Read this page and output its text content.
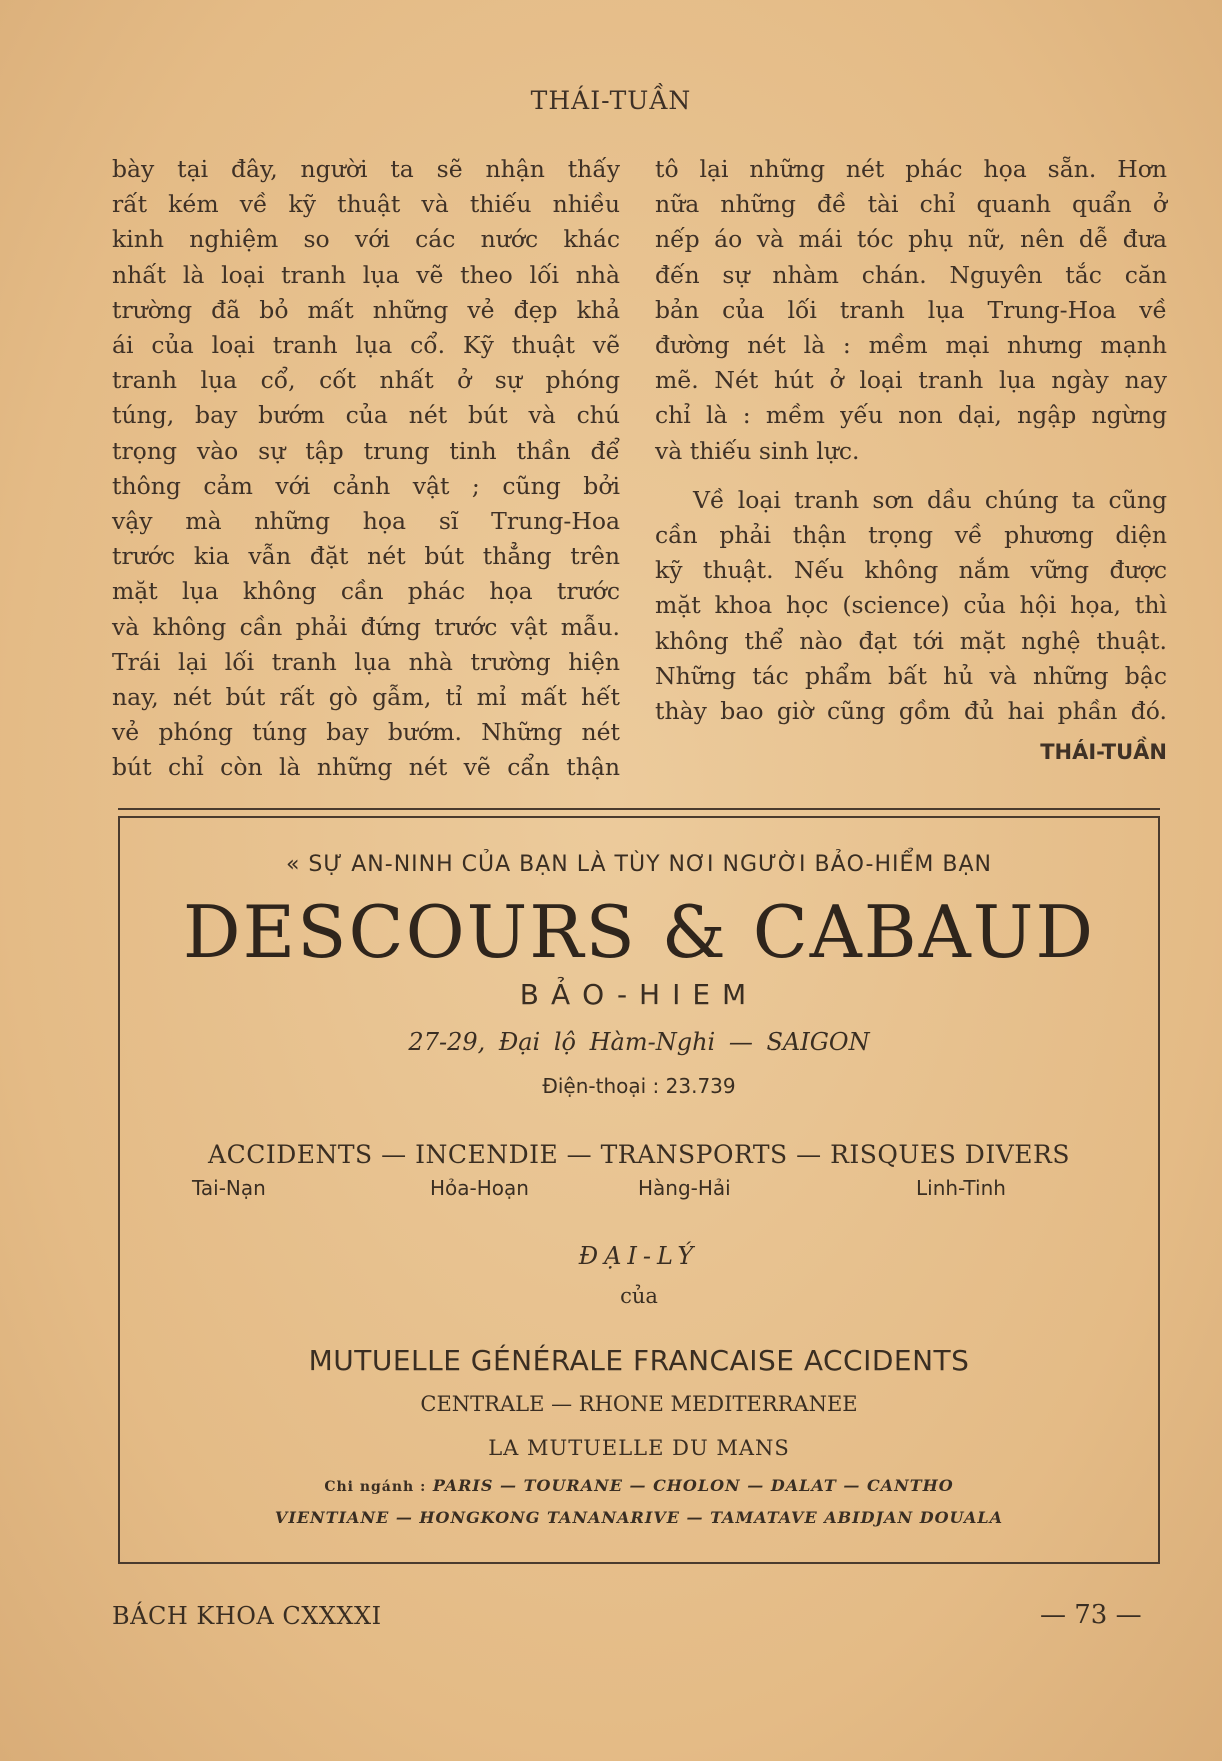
THÁI-TUẦN
bày tại đây, người ta sẽ nhận thấy
rất kém về kỹ thuật và thiếu nhiều
kinh nghiệm so với các nước khác
nhất là loại tranh lụa vẽ theo lối nhà
trường đã bỏ mất những vẻ đẹp khả
ái của loại tranh lụa cổ. Kỹ thuật vẽ
tranh lụa cổ, cốt nhất ở sự phóng
túng, bay bướm của nét bút và chú
trọng vào sự tập trung tinh thần để
thông cảm với cảnh vật ; cũng bởi
vậy mà những họa sĩ Trung-Hoa
trước kia vẫn đặt nét bút thẳng trên
mặt lụa không cần phác họa trước
và không cần phải đứng trước vật mẫu.
Trái lại lối tranh lụa nhà trường hiện
nay, nét bút rất gò gẫm, tỉ mỉ mất hết
vẻ phóng túng bay bướm. Những nét
bút chỉ còn là những nét vẽ cẩn thận
tô lại những nét phác họa sẵn. Hơn
nữa những đề tài chỉ quanh quẩn ở
nếp áo và mái tóc phụ nữ, nên dễ đưa
đến sự nhàm chán. Nguyên tắc căn
bản của lối tranh lụa Trung-Hoa về
đường nét là : mềm mại nhưng mạnh
mẽ. Nét hút ở loại tranh lụa ngày nay
chỉ là : mềm yếu non dại, ngập ngừng
và thiếu sinh lực.
Về loại tranh sơn dầu chúng ta cũng
cần phải thận trọng về phương diện
kỹ thuật. Nếu không nắm vững được
mặt khoa học (science) của hội họa, thì
không thể nào đạt tới mặt nghệ thuật.
Những tác phẩm bất hủ và những bậc
thày bao giờ cũng gồm đủ hai phần đó.
THÁI-TUẦN
« SỰ AN-NINH CỦA BẠN LÀ TÙY NƠI NGƯỜI BẢO-HIỂM BẠN
DESCOURS & CABAUD
BẢO-HIEM
27-29, Đại lộ Hàm-Nghi — SAIGON
Điện-thoại : 23.739
ACCIDENTS — INCENDIE — TRANSPORTS — RISQUES DIVERS
Tai-Nạn	Hỏa-Hoạn	Hàng-Hải	Linh-Tinh
ĐẠI-LÝ
của
MUTUELLE GÉNÉRALE FRANCAISE ACCIDENTS
CENTRALE — RHONE MEDITERRANEE
LA MUTUELLE DU MANS
Chi ngánh : PARIS — TOURANE — CHOLON — DALAT — CANTHO
VIENTIANE — HONGKONG TANANARIVE — TAMATAVE ABIDJAN DOUALA
BÁCH KHOA CXXXXI	— 73 —
